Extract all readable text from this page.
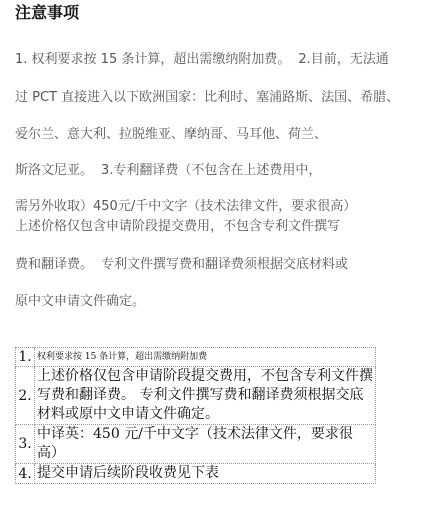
注意事项
1. 权利要求按 15 条计算，超出需缴纳附加费。 2.目前，无法通
过 PCT 直接进入以下欧洲国家：比利时、塞浦路斯、法国、希腊、
爱尔兰、意大利、拉脱维亚、摩纳哥、马耳他、荷兰、
斯洛文尼亚。 3.专利翻译费（不包含在上述费用中，
需另外收取）450元/千中文字（技术法律文件，要求很高）
上述价格仅包含申请阶段提交费用，不包含专利文件撰写
费和翻译费。 专利文件撰写费和翻译费须根据交底材料或
原中文申请文件确定。
1.	权利要求按 15 条计算，超出需缴纳附加费
2.	上述价格仅包含申请阶段提交费用，不包含专利文件撰写费和翻译费。 专利文件撰写费和翻译费须根据交底材料或原中文申请文件确定。
3.	中译英：450 元/千中文字（技术法律文件，要求很高）
4.	提交申请后续阶段收费见下表
